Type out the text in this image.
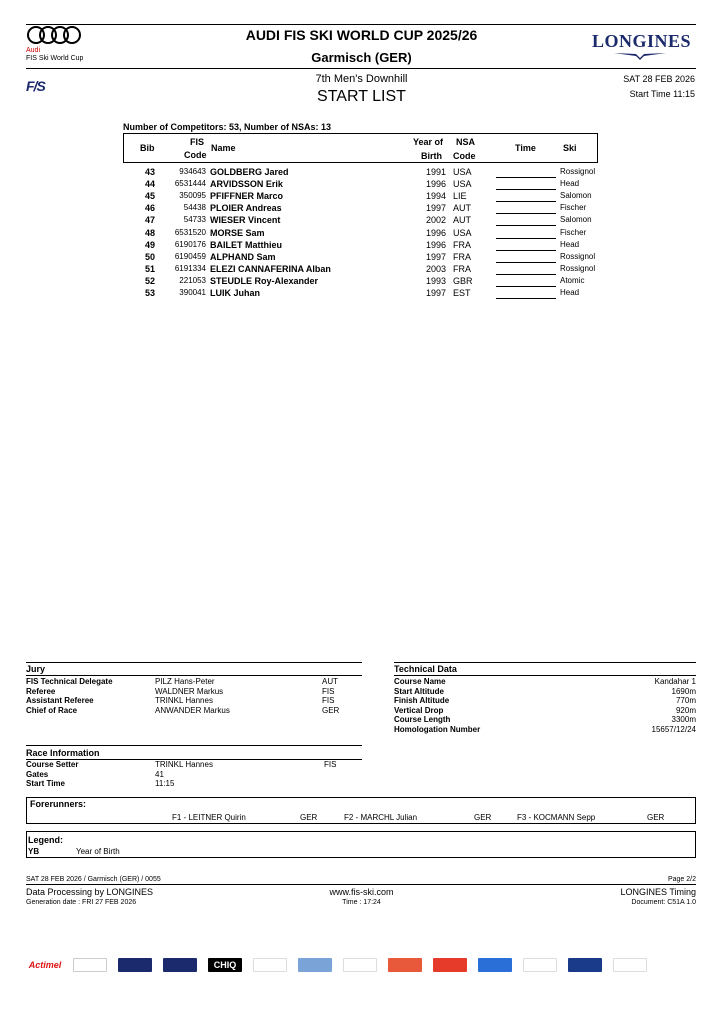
Audi
FIS Ski World Cup
F/S
AUDI FIS SKI WORLD CUP 2025/26
Garmisch (GER)
7th Men's Downhill
START LIST
LONGINES
SAT 28 FEB 2026
Start Time 11:15
Number of Competitors: 53, Number of NSAs: 13
Bib
FIS
Code
Name
Year of
Birth
NSA
Code
Time	Ski
43	934643 GOLDBERG Jared	1991 USA	Rossignol
44	6531444 ARVIDSSON Erik	1996 USA	Head
45	350095 PFIFFNER Marco	1994 LIE	Salomon
46	54438 PLOIER Andreas	1997 AUT	Fischer
47	54733 WIESER Vincent	2002 AUT	Salomon
48	6531520 MORSE Sam	1996 USA	Fischer
49	6190176 BAILET Matthieu	1996 FRA	Head
50	6190459 ALPHAND Sam	1997 FRA	Rossignol
51	6191334 ELEZI CANNAFERINA Alban	2003 FRA	Rossignol
52	221053 STEUDLE Roy-Alexander	1993 GBR	Atomic
53	390041 LUIK Juhan	1997 EST	Head
Jury
FIS Technical Delegate	PILZ Hans-Peter	AUT
Referee	WALDNER Markus	FIS
Assistant Referee	TRINKL Hannes	FIS
Chief of Race	ANWANDER Markus	GER
Technical Data
Course Name	Kandahar 1
Start Altitude	1690m
Finish Altitude	770m
Vertical Drop	920m
Course Length	3300m
Homologation Number	15657/12/24
Race Information
Course Setter	TRINKL Hannes	FIS
Gates	41
Start Time	11:15
Forerunners:
F1 - LEITNER Quirin	GER	F2 - MARCHL Julian	GER	F3 - KOCMANN Sepp	GER
Legend:
YB	Year of Birth
SAT 28 FEB 2026 / Garmisch (GER) / 0055	Page 2/2
Data Processing by LONGINES	www.fis-ski.com	LONGINES Timing
Generation date : FRI 27 FEB 2026	Time : 17:24	Document: C51A 1.0
Actimel	CHIQ
